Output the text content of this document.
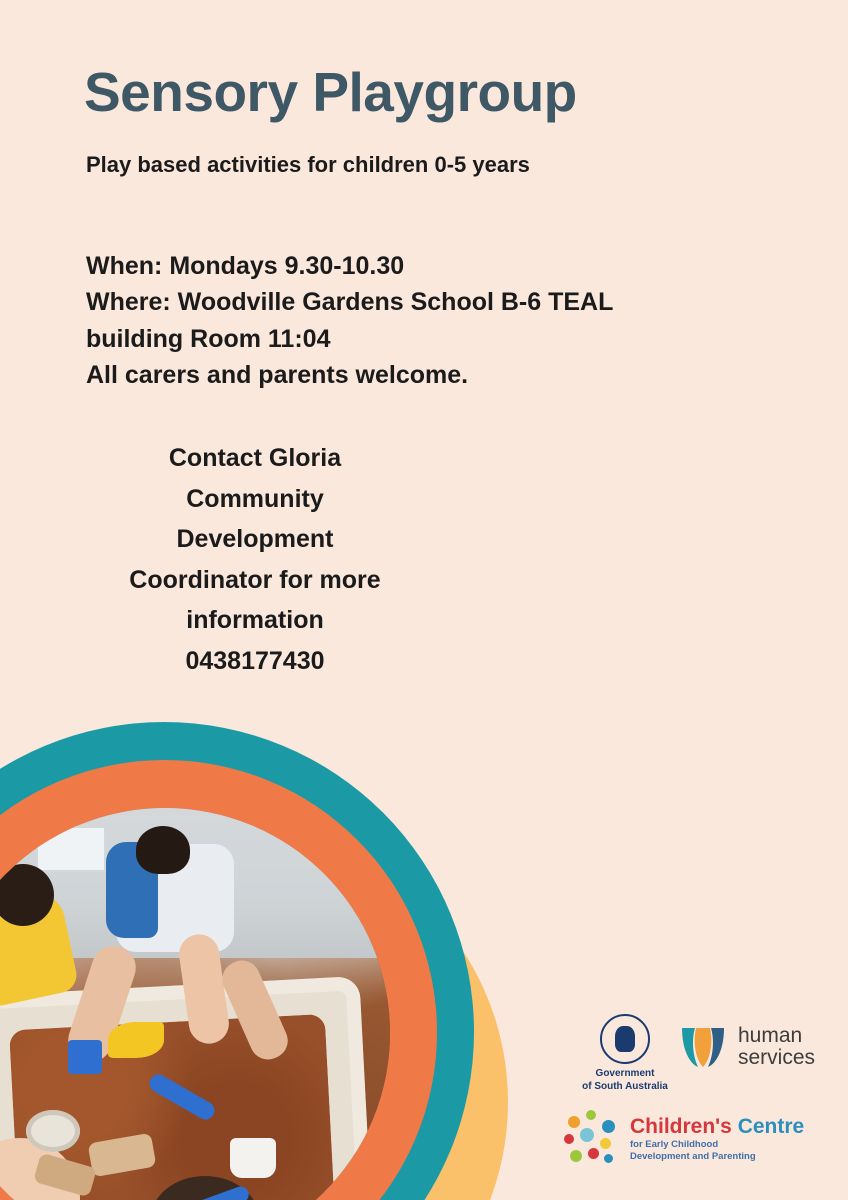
Sensory Playgroup
Play based activities for children 0-5 years
When: Mondays 9.30-10.30
Where: Woodville Gardens School B-6 TEAL
building Room 11:04
All carers and parents welcome.
Contact Gloria
Community
Development
Coordinator for more
information
0438177430
Government
of South Australia
human
services
Children's Centre
for Early Childhood
Development and Parenting
